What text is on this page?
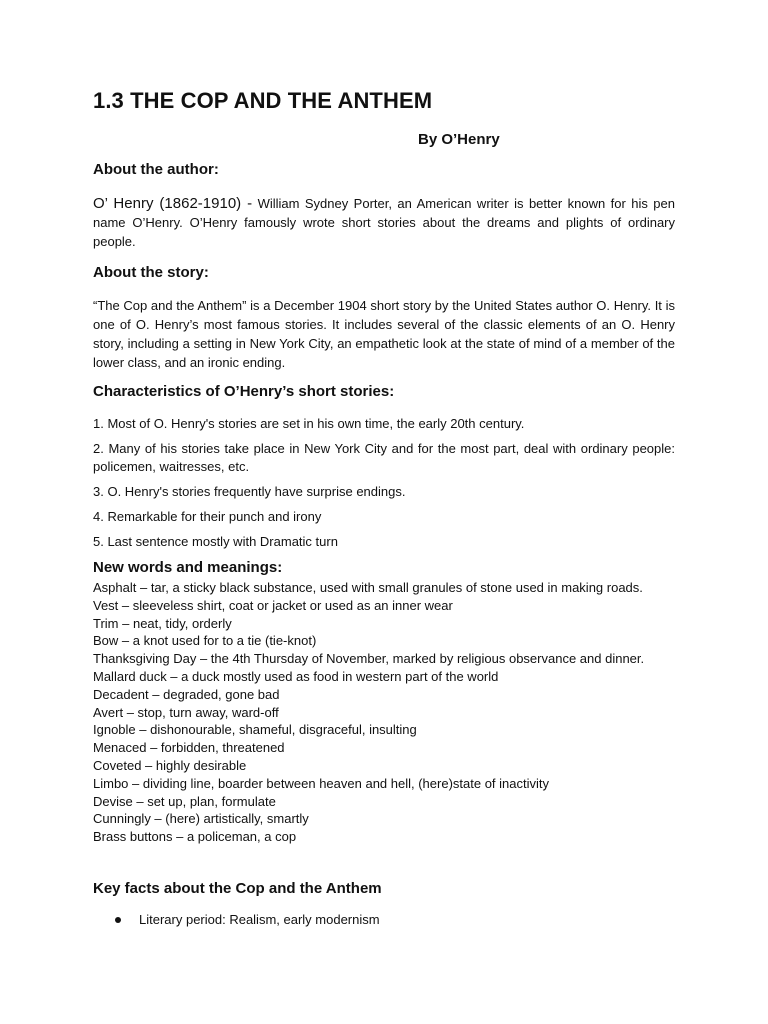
1.3 THE COP AND THE ANTHEM
By O’Henry
About the author:
O’ Henry (1862-1910) - William Sydney Porter, an American writer is better known for his pen name O’Henry. O’Henry famously wrote short stories about the dreams and plights of ordinary people.
About the story:
“The Cop and the Anthem” is a December 1904 short story by the United States author O. Henry. It is one of O. Henry’s most famous stories. It includes several of the classic elements of an O. Henry story, including a setting in New York City, an empathetic look at the state of mind of a member of the lower class, and an ironic ending.
Characteristics of O’Henry’s short stories:
1. Most of O. Henry's stories are set in his own time, the early 20th century.
2. Many of his stories take place in New York City and for the most part, deal with ordinary people: policemen, waitresses, etc.
3. O. Henry's stories frequently have surprise endings.
4. Remarkable for their punch and irony
5. Last sentence mostly with Dramatic turn
New words and meanings:
Asphalt – tar, a sticky black substance, used with small granules of stone used in making roads.
Vest – sleeveless shirt, coat or jacket or used as an inner wear
Trim – neat, tidy, orderly
Bow – a knot used for to a tie (tie-knot)
Thanksgiving Day – the 4th Thursday of November, marked by religious observance and dinner.
Mallard duck – a duck mostly used as food in western part of the world
Decadent – degraded, gone bad
Avert – stop, turn away, ward-off
Ignoble – dishonourable, shameful, disgraceful, insulting
Menaced – forbidden, threatened
Coveted – highly desirable
Limbo – dividing line, boarder between heaven and hell, (here)state of inactivity
Devise – set up, plan, formulate
Cunningly – (here) artistically, smartly
Brass buttons – a policeman, a cop
Key facts about the Cop and the Anthem
Literary period: Realism, early modernism
